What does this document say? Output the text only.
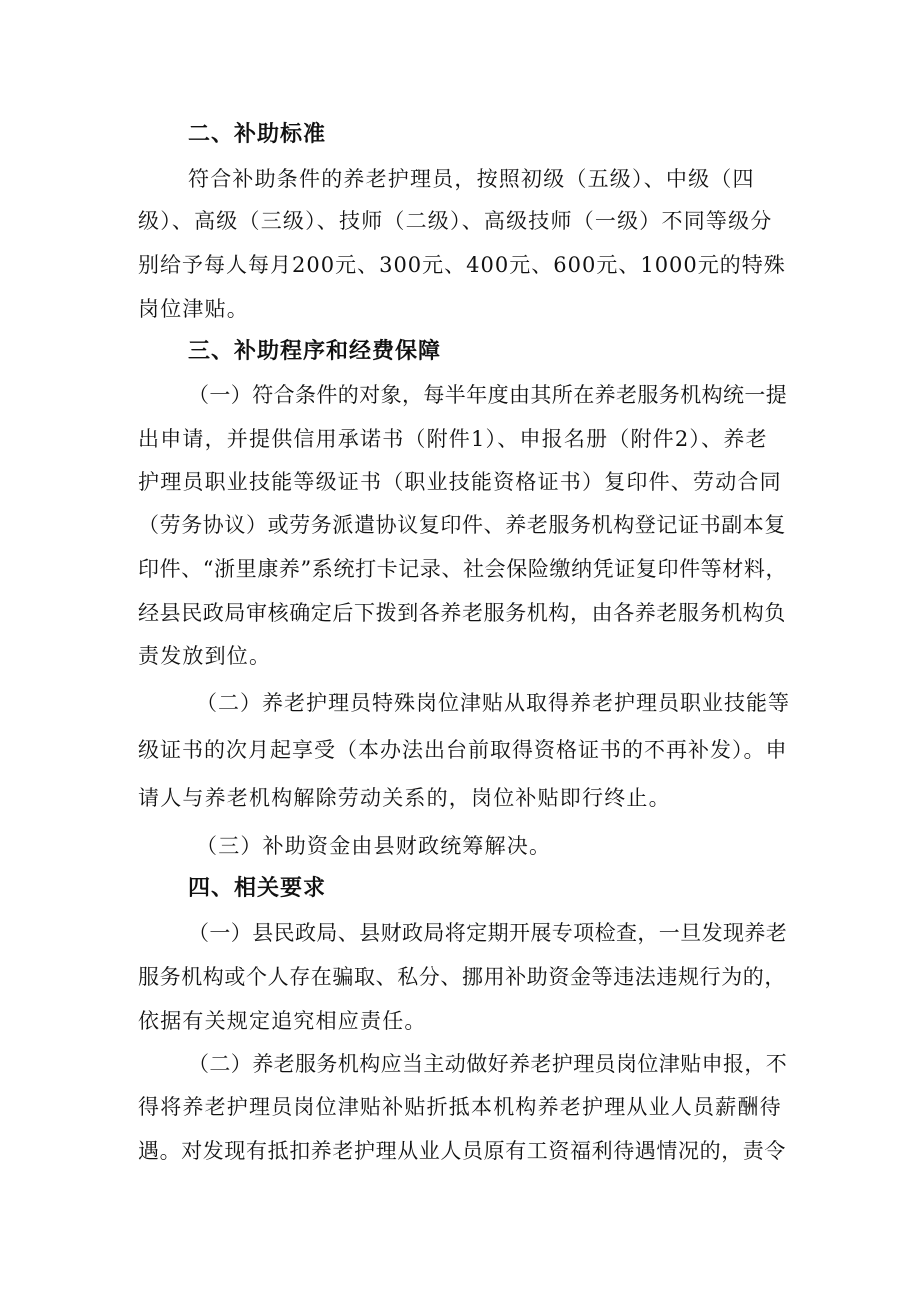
二、补助标准
符合补助条件的养老护理员，按照初级（五级）、中级（四
级）、高级（三级）、技师（二级）、高级技师（一级）不同等级分
别给予每人每月200元、300元、400元、600元、1000元的特殊
岗位津贴。
三、补助程序和经费保障
（一）符合条件的对象，每半年度由其所在养老服务机构统一提
出申请，并提供信用承诺书（附件1）、申报名册（附件2）、养老
护理员职业技能等级证书（职业技能资格证书）复印件、劳动合同
（劳务协议）或劳务派遣协议复印件、养老服务机构登记证书副本复
印件、“浙里康养”系统打卡记录、社会保险缴纳凭证复印件等材料，
经县民政局审核确定后下拨到各养老服务机构，由各养老服务机构负
责发放到位。
（二）养老护理员特殊岗位津贴从取得养老护理员职业技能等
级证书的次月起享受（本办法出台前取得资格证书的不再补发）。申
请人与养老机构解除劳动关系的，岗位补贴即行终止。
（三）补助资金由县财政统筹解决。
四、相关要求
（一）县民政局、县财政局将定期开展专项检查，一旦发现养老
服务机构或个人存在骗取、私分、挪用补助资金等违法违规行为的，
依据有关规定追究相应责任。
（二）养老服务机构应当主动做好养老护理员岗位津贴申报，不
得将养老护理员岗位津贴补贴折抵本机构养老护理从业人员薪酬待
遇。对发现有抵扣养老护理从业人员原有工资福利待遇情况的，责令
